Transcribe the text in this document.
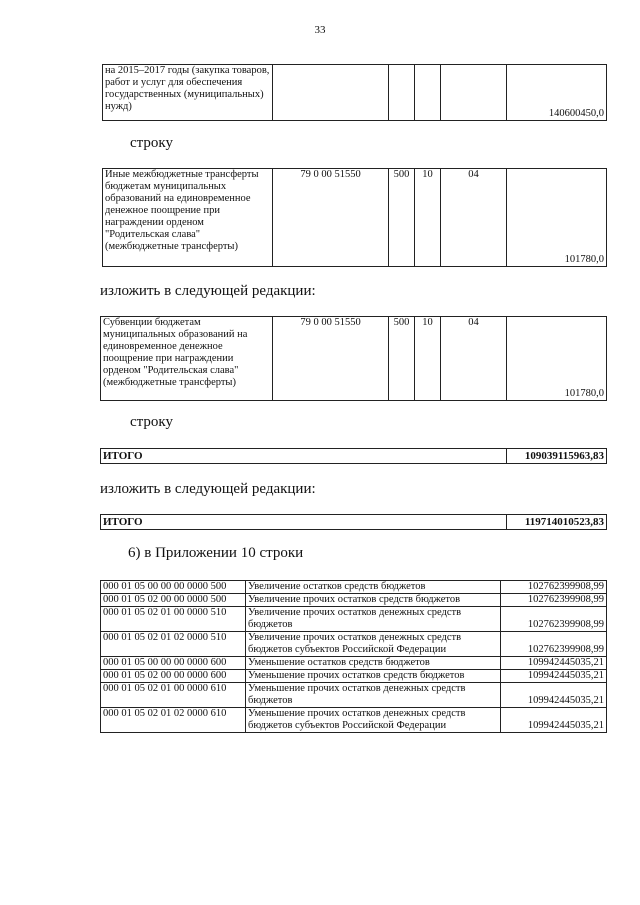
33
на 2015–2017 годы (закупка товаров, работ и услуг для обеспечения государственных (муниципальных) нужд)					140600450,0
строку
Иные межбюджетные трансферты бюджетам муниципальных образований на единовременное денежное поощрение при награждении орденом "Родительская слава" (межбюджетные трансферты)	79 0 00 51550	500	10	04	101780,0
изложить в следующей редакции:
Субвенции бюджетам муниципальных образований на единовременное денежное поощрение при награждении орденом "Родительская слава" (межбюджетные трансферты)	79 0 00 51550	500	10	04	101780,0
строку
ИТОГО	109039115963,83
изложить в следующей редакции:
ИТОГО	119714010523,83
6) в Приложении 10 строки
000 01 05 00 00 00 0000 500	Увеличение остатков средств бюджетов	102762399908,99
000 01 05 02 00 00 0000 500	Увеличение прочих остатков средств бюджетов	102762399908,99
000 01 05 02 01 00 0000 510	Увеличение прочих остатков денежных средств бюджетов	102762399908,99
000 01 05 02 01 02 0000 510	Увеличение прочих остатков денежных средств бюджетов субъектов Российской Федерации	102762399908,99
000 01 05 00 00 00 0000 600	Уменьшение остатков средств бюджетов	109942445035,21
000 01 05 02 00 00 0000 600	Уменьшение прочих остатков средств бюджетов	109942445035,21
000 01 05 02 01 00 0000 610	Уменьшение прочих остатков денежных средств бюджетов	109942445035,21
000 01 05 02 01 02 0000 610	Уменьшение прочих остатков денежных средств бюджетов субъектов Российской Федерации	109942445035,21
